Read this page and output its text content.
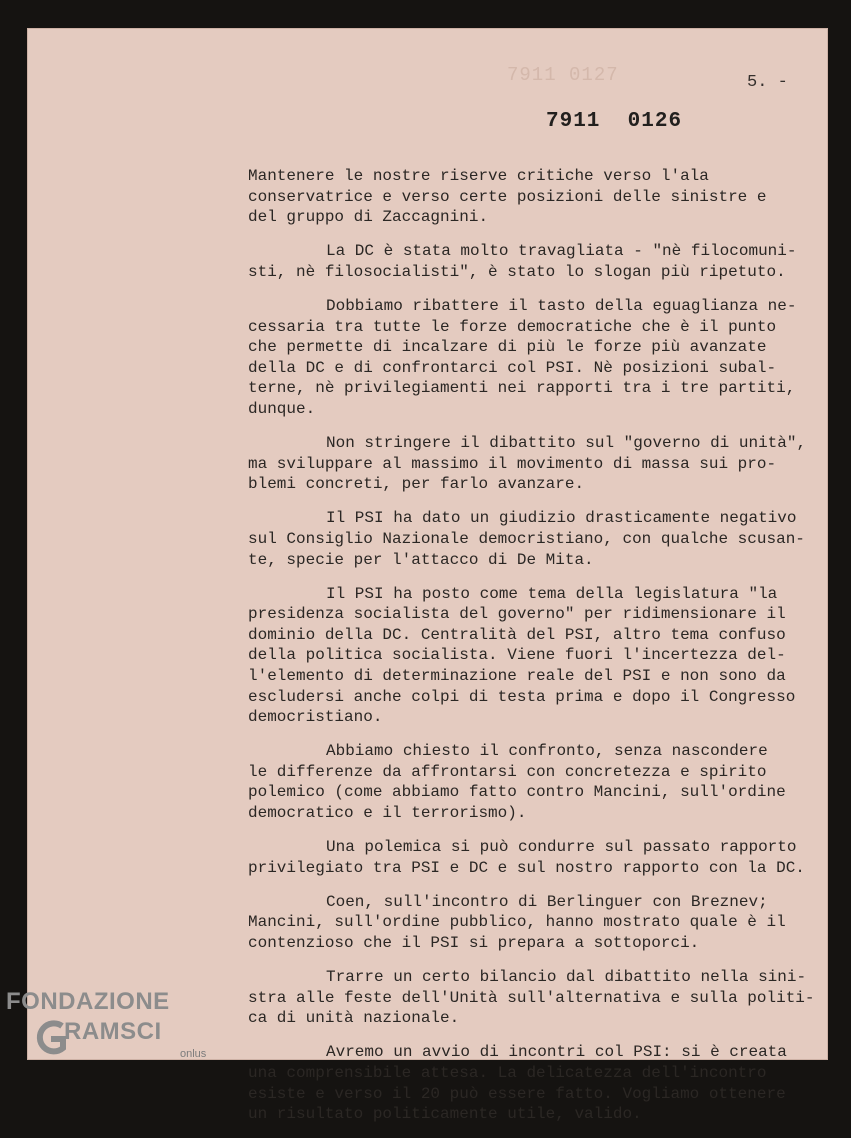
7911 0127	5. -
7911 0126
Mantenere le nostre riserve critiche verso l'ala
conservatrice e verso certe posizioni delle sinistre e
del gruppo di Zaccagnini.
La DC è stata molto travagliata - "nè filocomuni-
sti, nè filosocialisti", è stato lo slogan più ripetuto.
Dobbiamo ribattere il tasto della eguaglianza ne-
cessaria tra tutte le forze democratiche che è il punto
che permette di incalzare di più le forze più avanzate
della DC e di confrontarci col PSI. Nè posizioni subal-
terne, nè privilegiamenti nei rapporti tra i tre partiti,
dunque.
Non stringere il dibattito sul "governo di unità",
ma sviluppare al massimo il movimento di massa sui pro-
blemi concreti, per farlo avanzare.
Il PSI ha dato un giudizio drasticamente negativo
sul Consiglio Nazionale democristiano, con qualche scusan-
te, specie per l'attacco di De Mita.
Il PSI ha posto come tema della legislatura "la
presidenza socialista del governo" per ridimensionare il
dominio della DC. Centralità del PSI, altro tema confuso
della politica socialista. Viene fuori l'incertezza del-
l'elemento di determinazione reale del PSI e non sono da
escludersi anche colpi di testa prima e dopo il Congresso
democristiano.
Abbiamo chiesto il confronto, senza nascondere
le differenze da affrontarsi con concretezza e spirito
polemico (come abbiamo fatto contro Mancini, sull'ordine
democratico e il terrorismo).
Una polemica si può condurre sul passato rapporto
privilegiato tra PSI e DC e sul nostro rapporto con la DC.
Coen, sull'incontro di Berlinguer con Breznev;
Mancini, sull'ordine pubblico, hanno mostrato quale è il
contenzioso che il PSI si prepara a sottoporci.
Trarre un certo bilancio dal dibattito nella sini-
stra alle feste dell'Unità sull'alternativa e sulla politi-
ca di unità nazionale.
Avremo un avvio di incontri col PSI: si è creata
una comprensibile attesa. La delicatezza dell'incontro
esiste e verso il 20 può essere fatto. Vogliamo ottenere
un risultato politicamente utile, valido.
FONDAZIONE
RAMSCI
onlus
